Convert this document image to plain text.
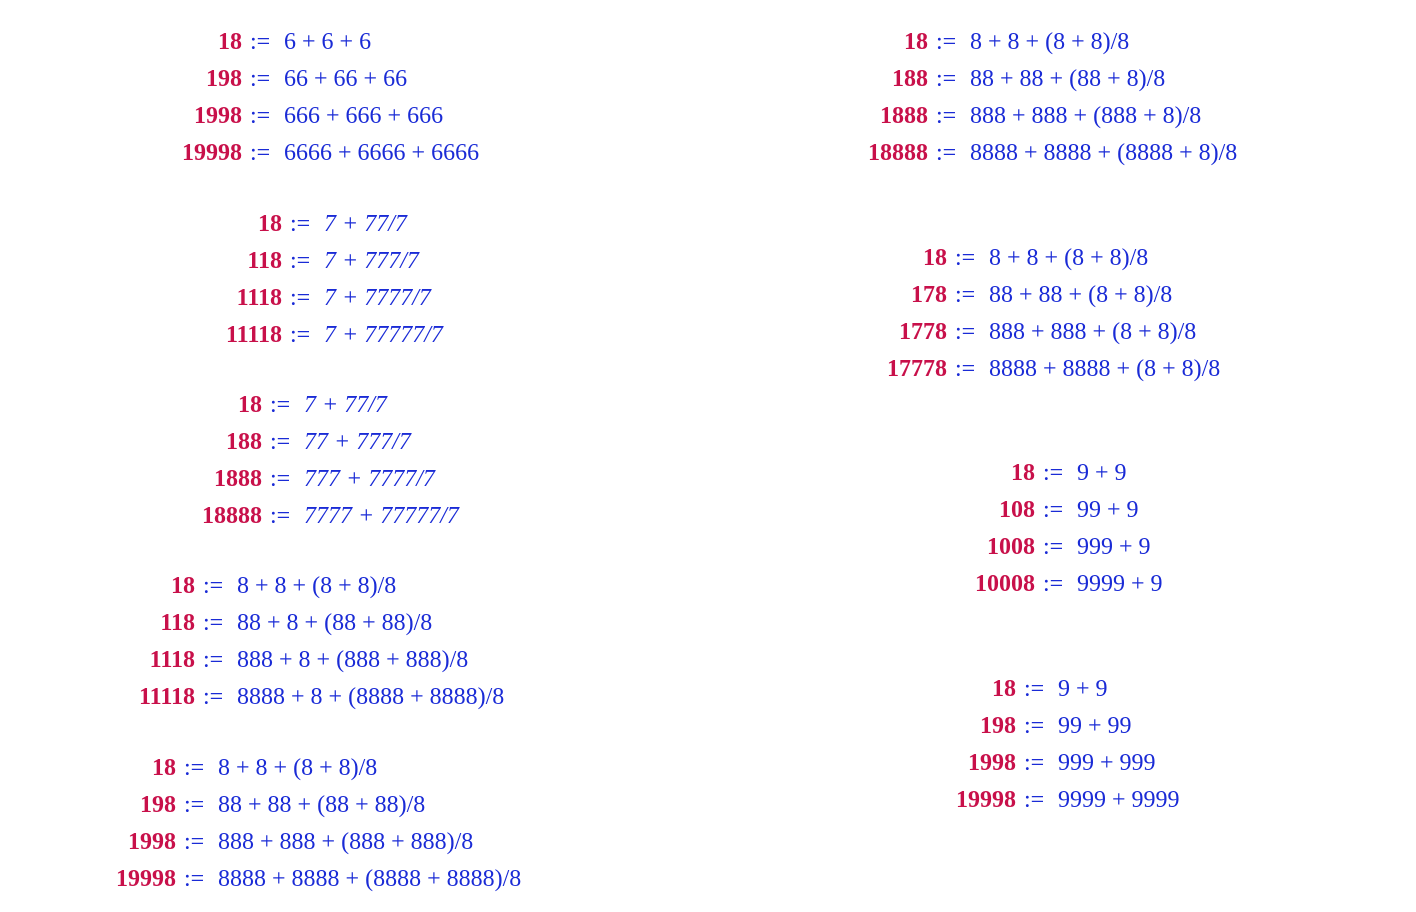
18 := 6 + 6 + 6
198 := 66 + 66 + 66
1998 := 666 + 666 + 666
19998 := 6666 + 6666 + 6666
18 := 7 + 77/7
118 := 7 + 777/7
1118 := 7 + 7777/7
11118 := 7 + 77777/7
18 := 7 + 77/7
188 := 77 + 777/7
1888 := 777 + 7777/7
18888 := 7777 + 77777/7
18 := 8 + 8 + (8 + 8)/8
118 := 88 + 8 + (88 + 88)/8
1118 := 888 + 8 + (888 + 888)/8
11118 := 8888 + 8 + (8888 + 8888)/8
18 := 8 + 8 + (8 + 8)/8
198 := 88 + 88 + (88 + 88)/8
1998 := 888 + 888 + (888 + 888)/8
19998 := 8888 + 8888 + (8888 + 8888)/8
18 := 8 + 8 + (8 + 8)/8
188 := 88 + 88 + (88 + 8)/8
1888 := 888 + 888 + (888 + 8)/8
18888 := 8888 + 8888 + (8888 + 8)/8
18 := 8 + 8 + (8 + 8)/8
178 := 88 + 88 + (8 + 8)/8
1778 := 888 + 888 + (8 + 8)/8
17778 := 8888 + 8888 + (8 + 8)/8
18 := 9 + 9
108 := 99 + 9
1008 := 999 + 9
10008 := 9999 + 9
18 := 9 + 9
198 := 99 + 99
1998 := 999 + 999
19998 := 9999 + 9999
